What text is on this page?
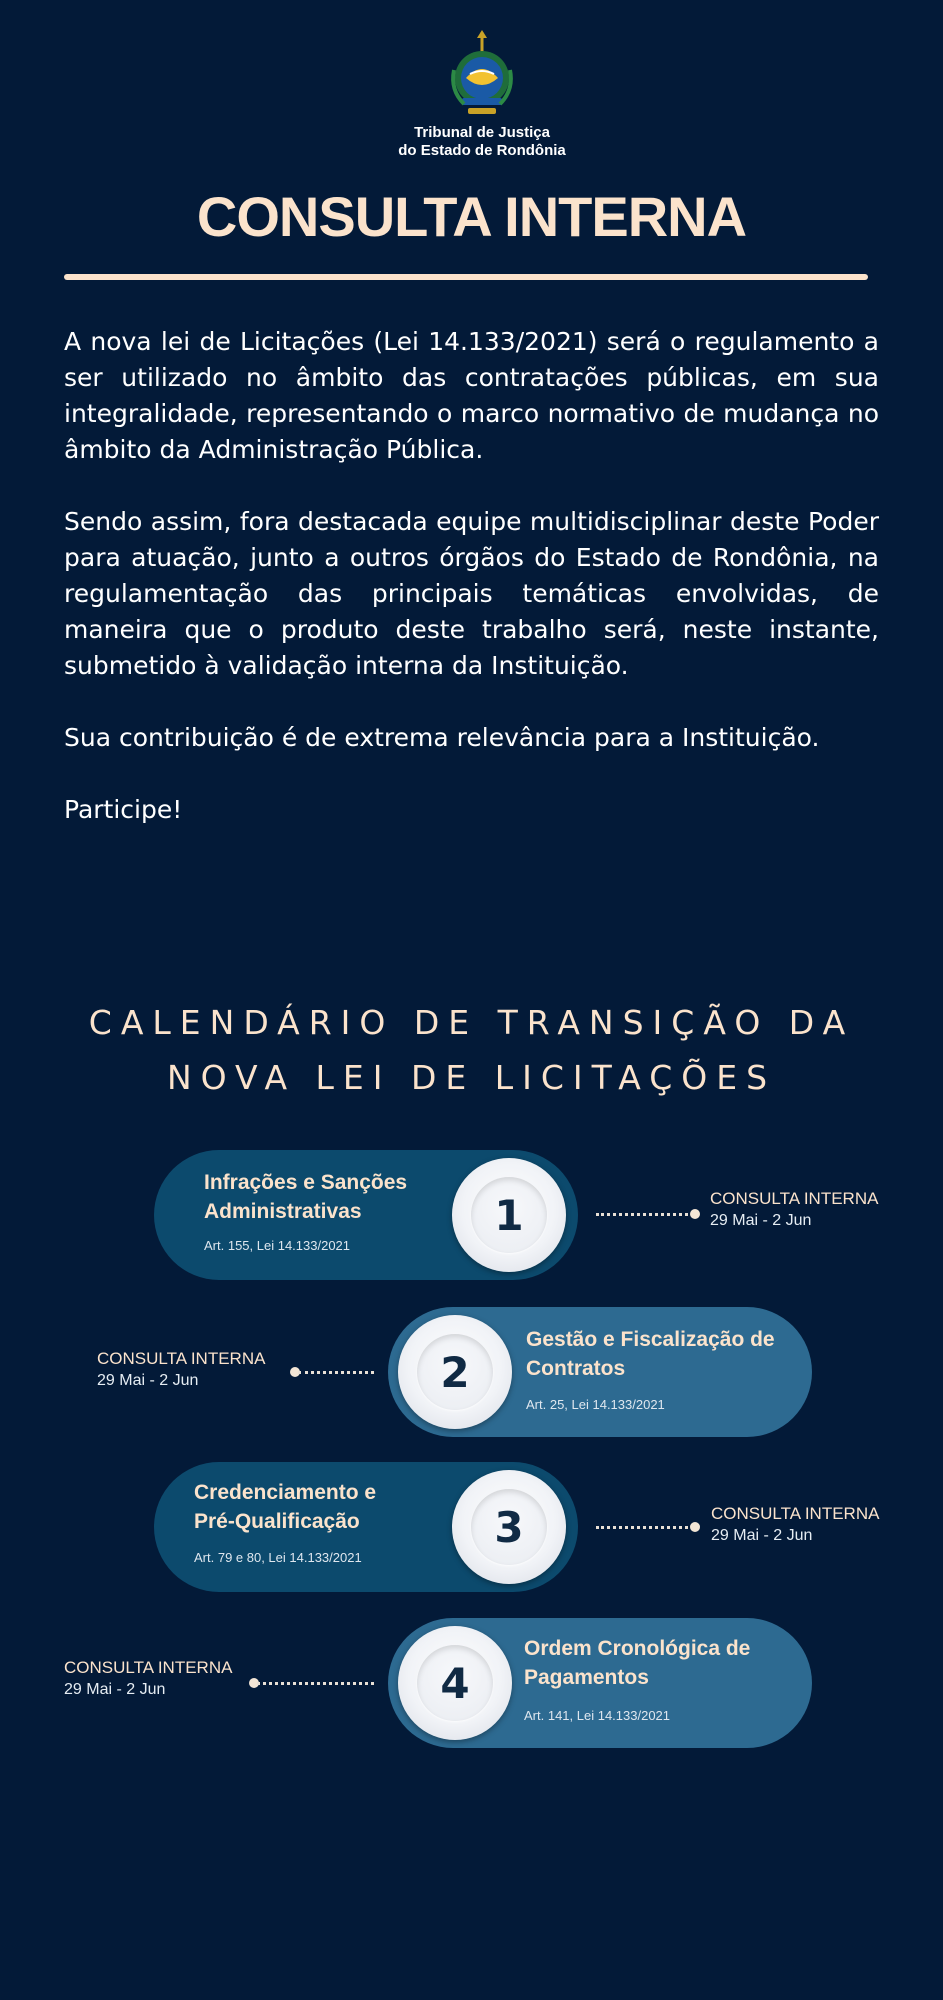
Tribunal de Justiça
do Estado de Rondônia
CONSULTA INTERNA

A nova lei de Licitações (Lei 14.133/2021) será o regulamento a ser utilizado no âmbito das contratações públicas, em sua integralidade, representando o marco normativo de mudança no âmbito da Administração Pública.

Sendo assim, fora destacada equipe multidisciplinar deste Poder para atuação, junto a outros órgãos do Estado de Rondônia, na regulamentação das principais temáticas envolvidas, de maneira que o produto deste trabalho será, neste instante, submetido à validação interna da Instituição.

Sua contribuição é de extrema relevância para a Instituição.

Participe!

CALENDÁRIO DE TRANSIÇÃO DA
NOVA LEI DE LICITAÇÕES
Infrações e Sanções
Administrativas
Art. 155, Lei 14.133/2021
1	CONSULTA INTERNA
29 Mai - 2 Jun
CONSULTA INTERNA
29 Mai - 2 Jun	2
Gestão e Fiscalização de
Contratos
Art. 25, Lei 14.133/2021
Credenciamento e
Pré-Qualificação
Art. 79 e 80, Lei 14.133/2021
3	CONSULTA INTERNA
29 Mai - 2 Jun
CONSULTA INTERNA
29 Mai - 2 Jun	4
Ordem Cronológica de
Pagamentos
Art. 141, Lei 14.133/2021
